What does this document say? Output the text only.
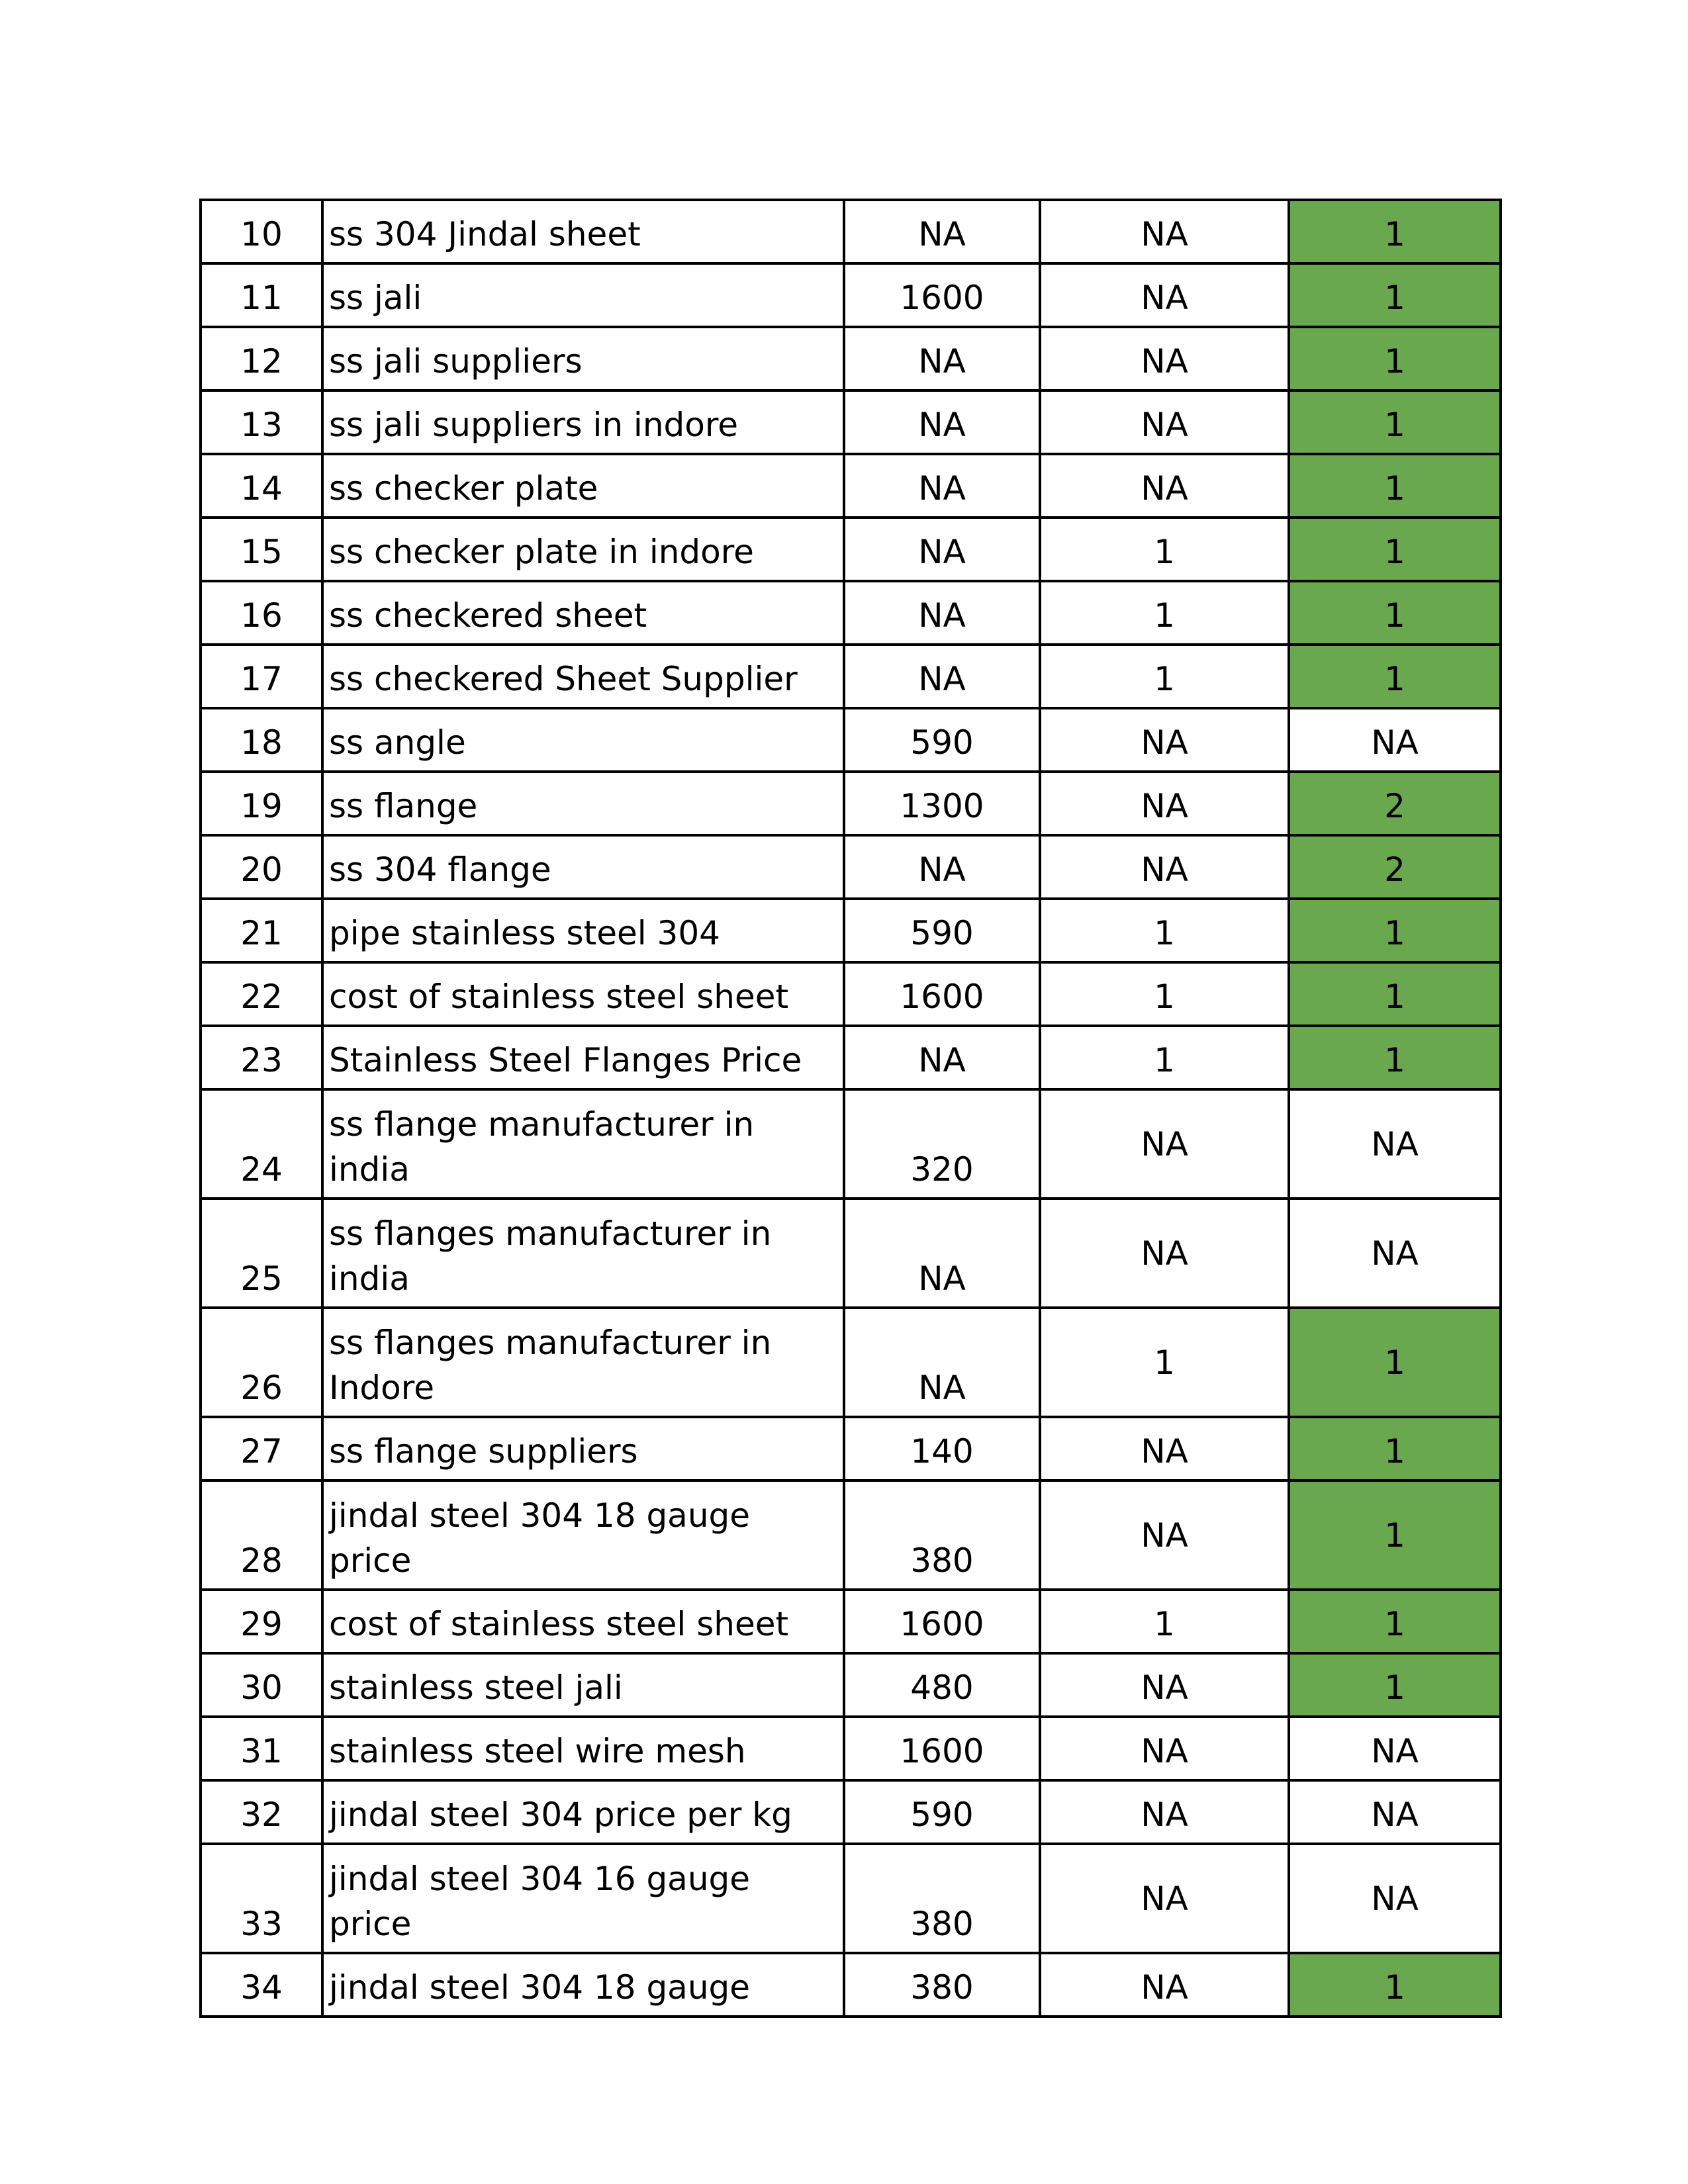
10	ss 304 Jindal sheet	NA	NA	1
11	ss jali	1600	NA	1
12	ss jali suppliers	NA	NA	1
13	ss jali suppliers in indore	NA	NA	1
14	ss checker plate	NA	NA	1
15	ss checker plate in indore	NA	1	1
16	ss checkered sheet	NA	1	1
17	ss checkered Sheet Supplier	NA	1	1
18	ss angle	590	NA	NA
19	ss flange	1300	NA	2
20	ss 304 flange	NA	NA	2
21	pipe stainless steel 304	590	1	1
22	cost of stainless steel sheet	1600	1	1
23	Stainless Steel Flanges Price	NA	1	1
24	ss flange manufacturer in india	320	NA	NA
25	ss flanges manufacturer in india	NA	NA	NA
26	ss flanges manufacturer in Indore	NA	1	1
27	ss flange suppliers	140	NA	1
28	jindal steel 304 18 gauge price	380	NA	1
29	cost of stainless steel sheet	1600	1	1
30	stainless steel jali	480	NA	1
31	stainless steel wire mesh	1600	NA	NA
32	jindal steel 304 price per kg	590	NA	NA
33	jindal steel 304 16 gauge price	380	NA	NA
34	jindal steel 304 18 gauge	380	NA	1
